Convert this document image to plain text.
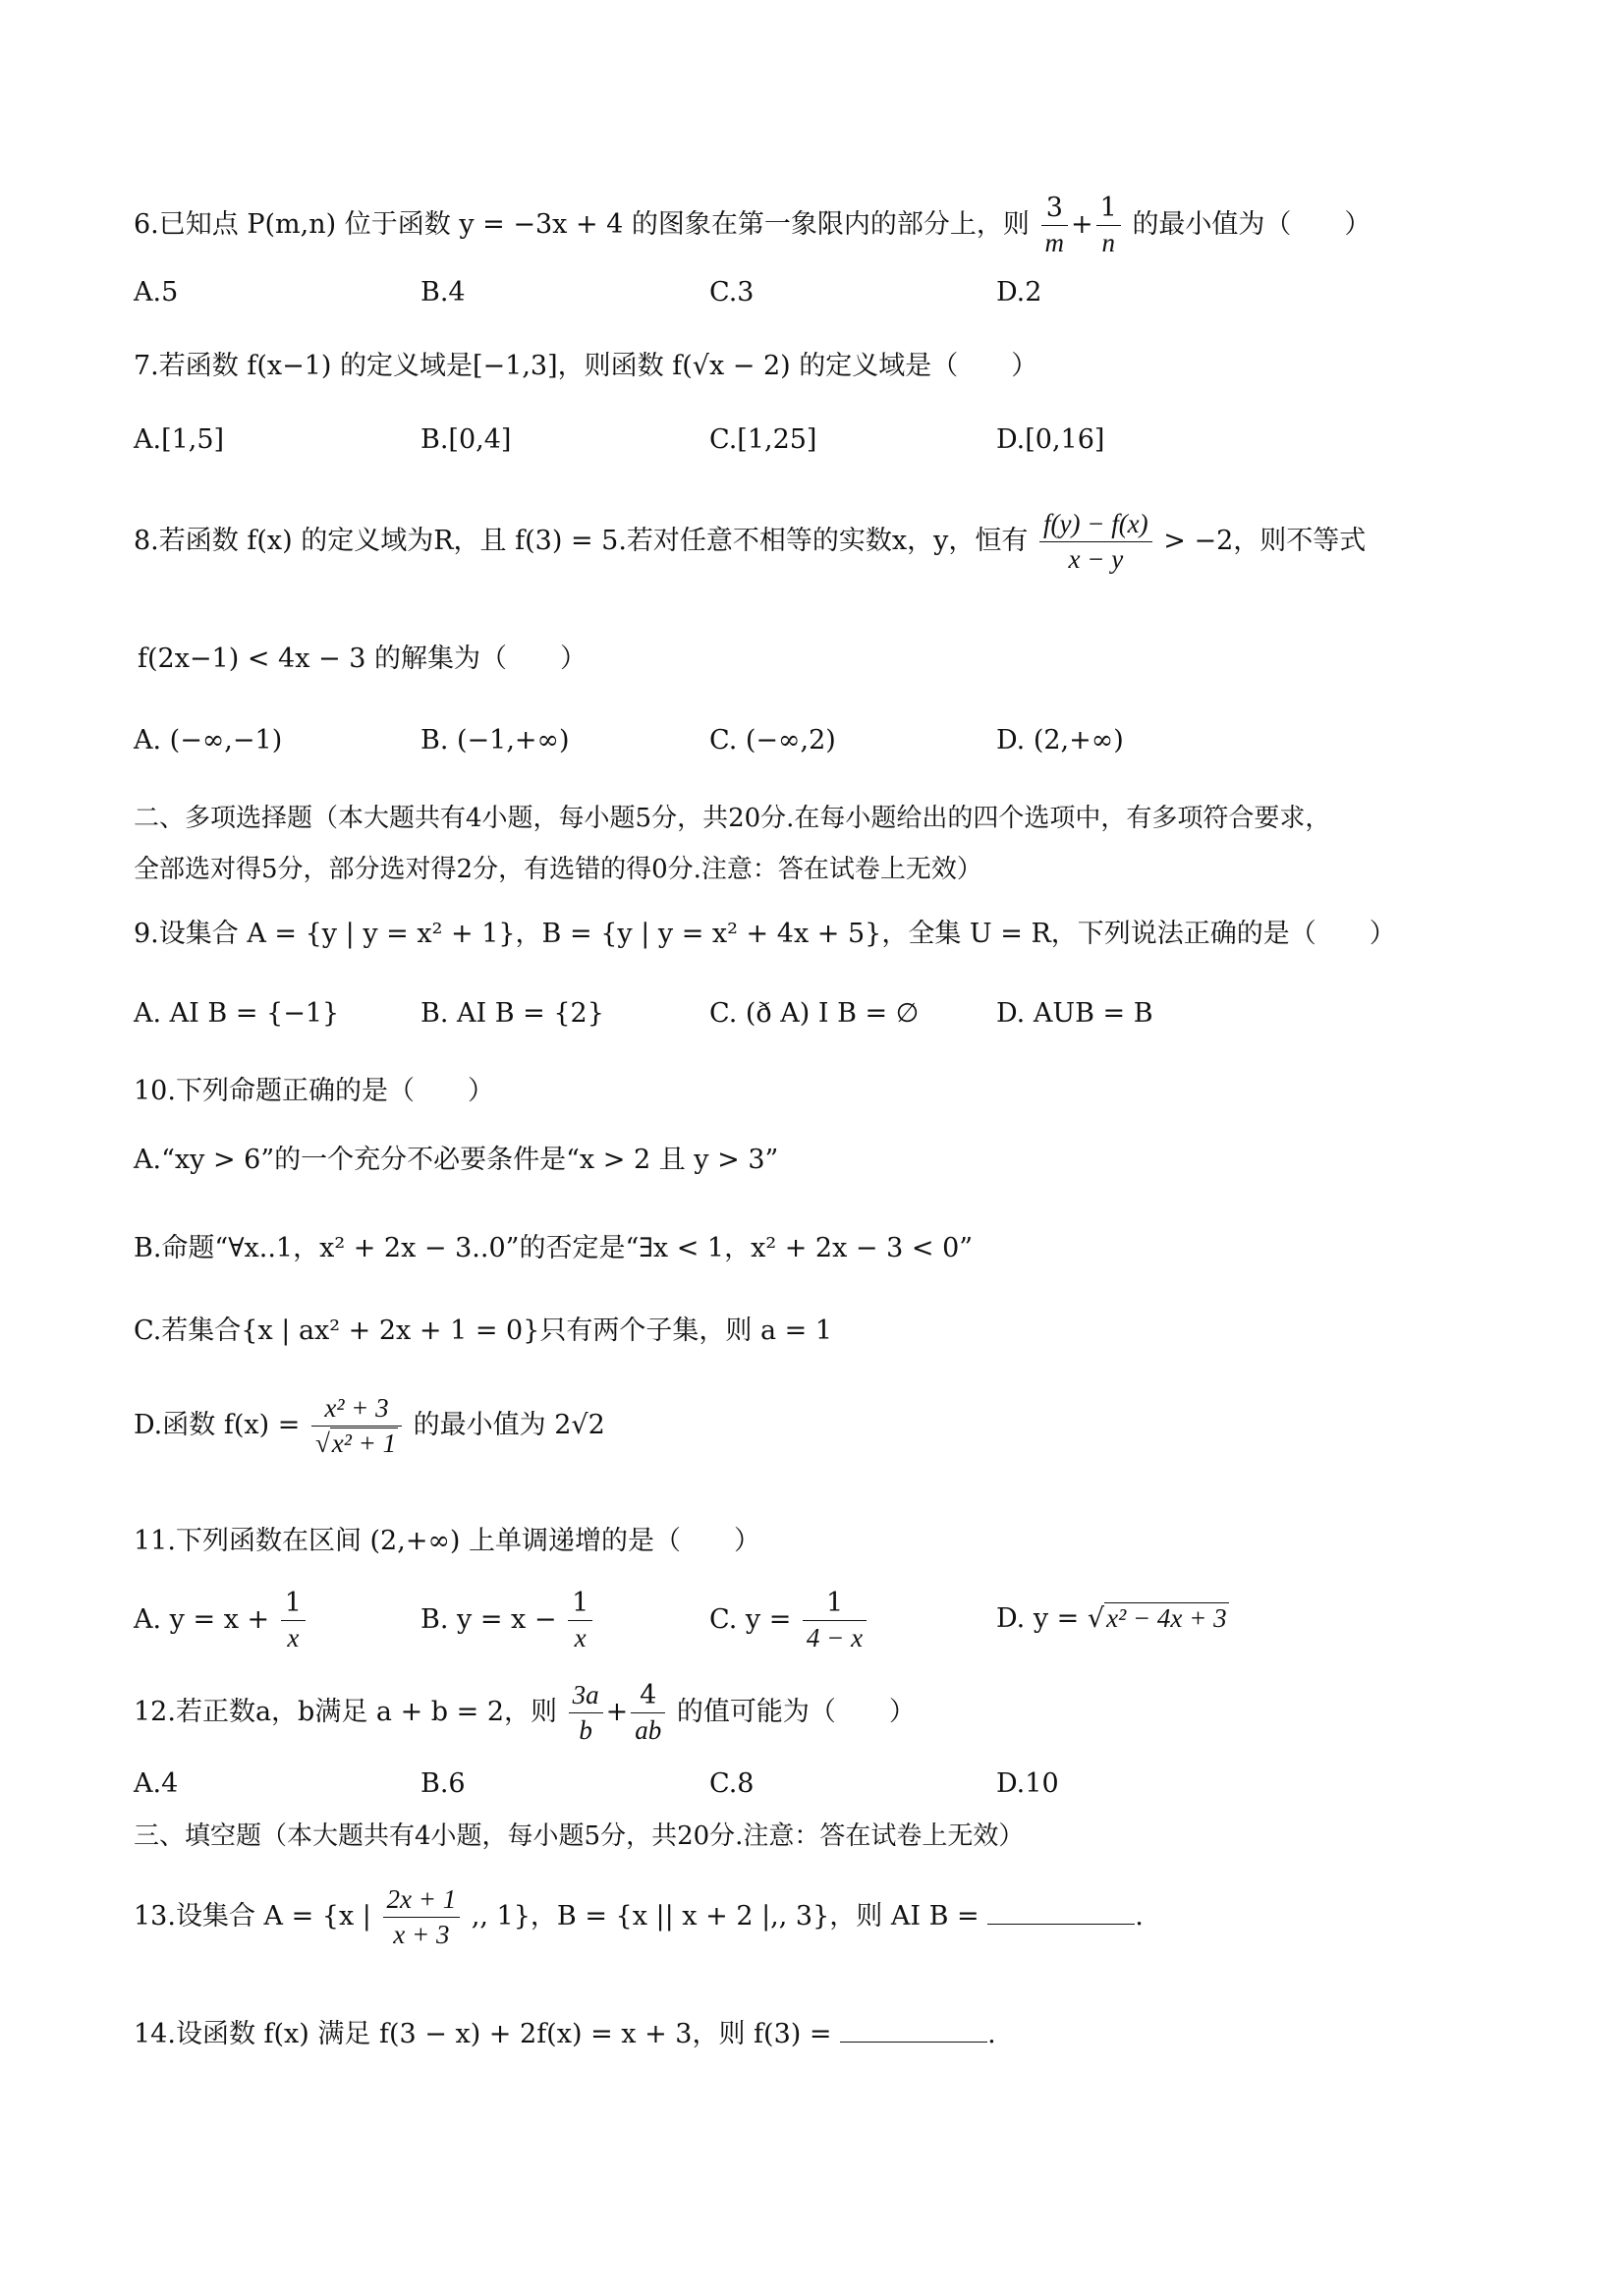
6.已知点 P(m,n) 位于函数 y = −3x + 4 的图象在第一象限内的部分上，则 $\frac{3}{m} + \frac{1}{n}$ 的最小值为（　　）
A.5	B.4	C.3	D.2
7.若函数 f(x−1) 的定义域是[−1,3]，则函数 f(√x − 2) 的定义域是（　　）
A.[1,5]	B.[0,4]	C.[1,25]	D.[0,16]
8.若函数 f(x) 的定义域为R，且 f(3) = 5.若对任意不相等的实数x，y，恒有 $\frac{f(y) - f(x)}{x - y} > -2$，则不等式
f(2x−1) < 4x − 3 的解集为（　　）
A. (−∞,−1)	B. (−1,+∞)	C. (−∞,2)	D. (2,+∞)
二、多项选择题（本大题共有4小题，每小题5分，共20分.在每小题给出的四个选项中，有多项符合要求，
全部选对得5分，部分选对得2分，有选错的得0分.注意：答在试卷上无效）
9.设集合 A = {y | y = x² + 1}，B = {y | y = x² + 4x + 5}，全集 U = R，下列说法正确的是（　　）
A. AI B = {−1}	B. AI B = {2}	C. (ð A) I B = ∅	D. AUB = B
10.下列命题正确的是（　　）
A.“xy > 6”的一个充分不必要条件是“x > 2 且 y > 3”
B.命题“∀x..1，x² + 2x − 3..0”的否定是“∃x < 1，x² + 2x − 3 < 0”
C.若集合{x | ax² + 2x + 1 = 0}只有两个子集，则 a = 1
D.函数 $f(x) = \frac{\text{x² + 3}}{\text{√x² + 1}}$ 的最小值为 2√2
11.下列函数在区间 (2,+∞) 上单调递增的是（　　）
A. $y = x + \frac{1}{x}$	B. $y = x - \frac{1}{x}$	C. $y = \frac{1}{4 - x}$	D. y = √x² − 4x + 3
12.若正数a，b满足 a + b = 2，则 $\frac{3a}{b} + \frac{4}{ab}$ 的值可能为（　　）
A.4	B.6	C.8	D.10
三、填空题（本大题共有4小题，每小题5分，共20分.注意：答在试卷上无效）
13.设集合 A = {x | $\frac{2x + 1}{x + 3}$ ,, 1}，B = {x || x + 2 |,, 3}，则 AI B =	.
14.设函数 f(x) 满足 f(3 − x) + 2f(x) = x + 3，则 f(3) =	.
